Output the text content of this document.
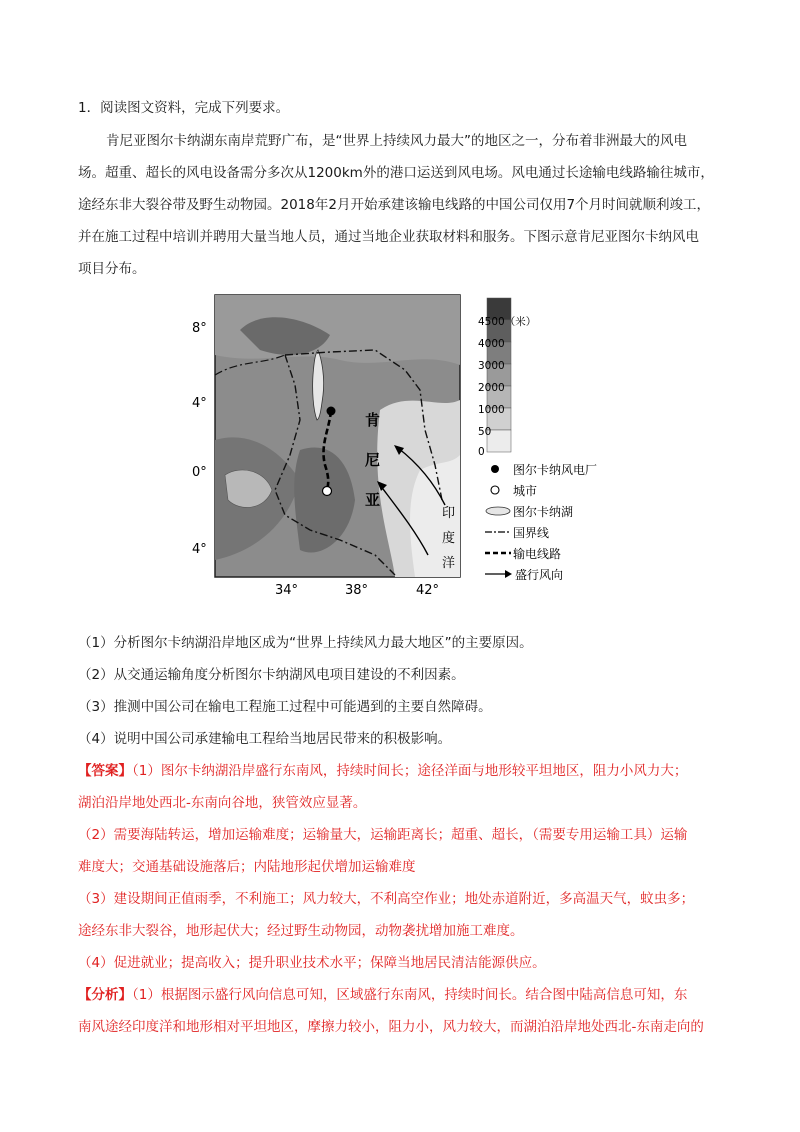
1．阅读图文资料，完成下列要求。
肯尼亚图尔卡纳湖东南岸荒野广布，是“世界上持续风力最大”的地区之一，分布着非洲最大的风电
场。超重、超长的风电设备需分多次从1200km外的港口运送到风电场。风电通过长途输电线路输往城市，
途经东非大裂谷带及野生动物园。2018年2月开始承建该输电线路的中国公司仅用7个月时间就顺利竣工，
并在施工过程中培训并聘用大量当地人员，通过当地企业获取材料和服务。下图示意肯尼亚图尔卡纳风电
项目分布。
肯
尼
亚
印
度
洋
8°
4°
0°
4°
34°	38°	42°
4500（米）
4000
3000
2000
1000
50
0
图尔卡纳风电厂
城市
图尔卡纳湖
国界线
输电线路
盛行风向
（1）分析图尔卡纳湖沿岸地区成为“世界上持续风力最大地区”的主要原因。
（2）从交通运输角度分析图尔卡纳湖风电项目建设的不利因素。
（3）推测中国公司在输电工程施工过程中可能遇到的主要自然障碍。
（4）说明中国公司承建输电工程给当地居民带来的积极影响。
【答案】（1）图尔卡纳湖沿岸盛行东南风，持续时间长；途径洋面与地形较平坦地区，阻力小风力大；
湖泊沿岸地处西北-东南向谷地，狭管效应显著。
（2）需要海陆转运，增加运输难度；运输量大，运输距离长；超重、超长，（需要专用运输工具）运输
难度大；交通基础设施落后；内陆地形起伏增加运输难度
（3）建设期间正值雨季，不利施工；风力较大，不利高空作业；地处赤道附近，多高温天气，蚊虫多；
途经东非大裂谷，地形起伏大；经过野生动物园，动物袭扰增加施工难度。
（4）促进就业；提高收入；提升职业技术水平；保障当地居民清洁能源供应。
【分析】（1）根据图示盛行风向信息可知，区域盛行东南风，持续时间长。结合图中陆高信息可知，东
南风途经印度洋和地形相对平坦地区，摩擦力较小，阻力小，风力较大，而湖泊沿岸地处西北-东南走向的
